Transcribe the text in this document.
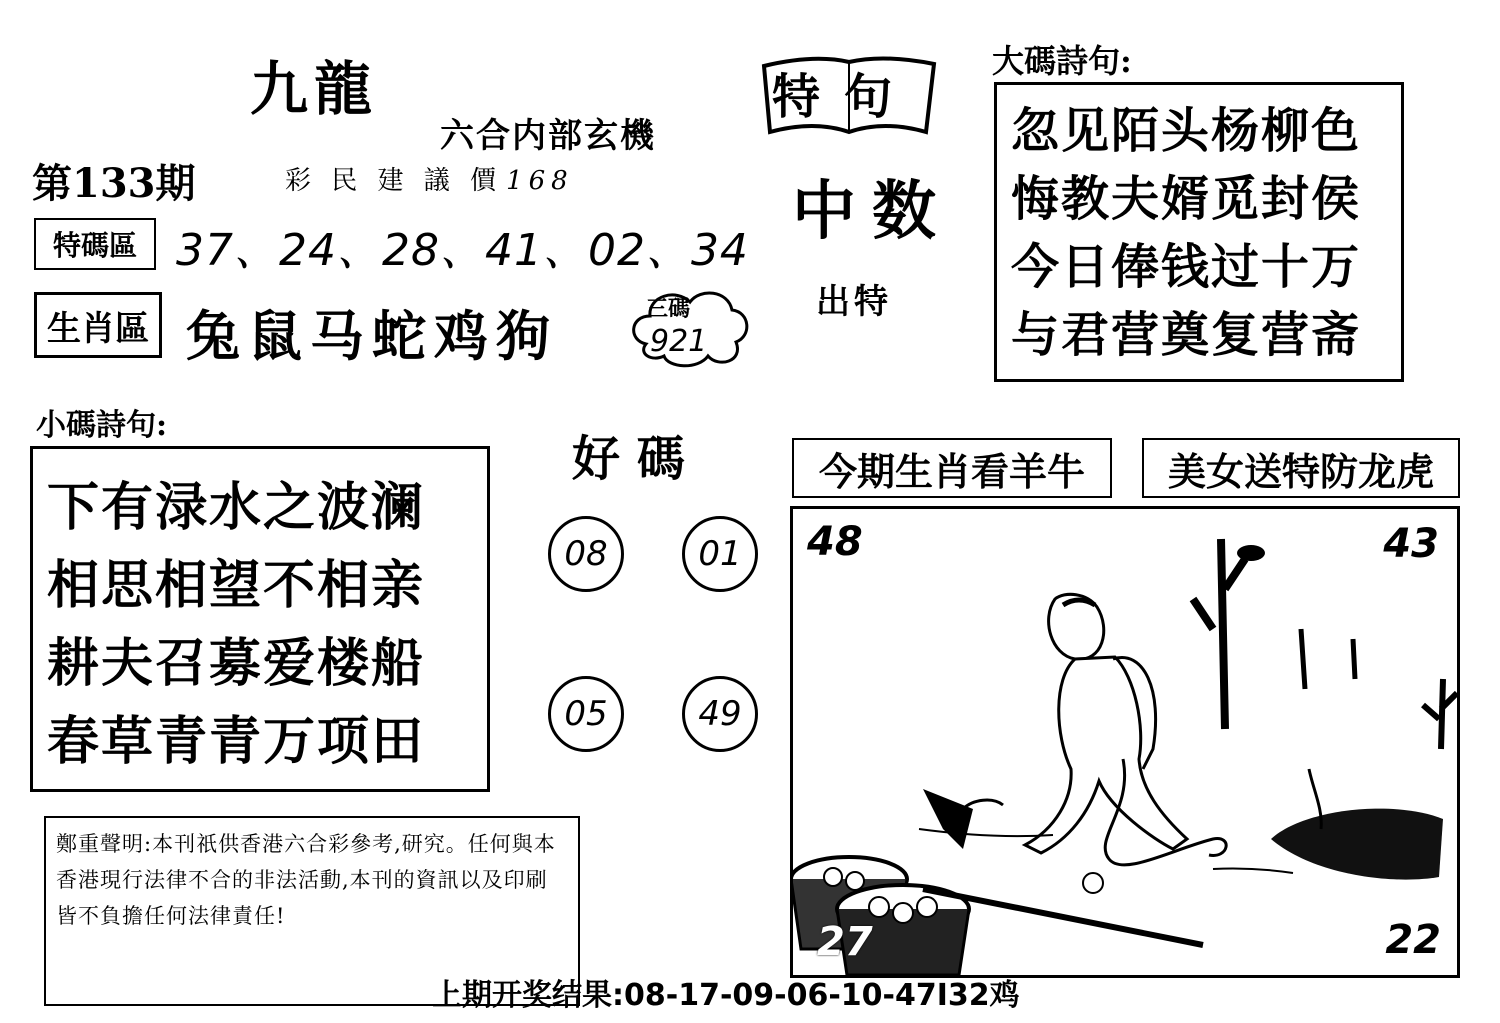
九龍
六合内部玄機
第133期	彩 民 建 議 價 168
特碼區 37、24、28、41、02、34
生肖區 兔鼠马蛇鸡狗	三碼
921
特句
中数
出特
大碼詩句:
忽见陌头杨柳色
悔教夫婿觅封侯
今日俸钱过十万
与君营奠复营斋
小碼詩句:
下有渌水之波澜
相思相望不相亲
耕夫召募爱楼船
春草青青万项田
好 碼
08	01
05	49
今期生肖看羊牛	美女送特防龙虎
48	43
27	22
鄭重聲明:本刊祇供香港六合彩參考,研究。任何與本香港現行法律不合的非法活動,本刊的資訊以及印刷皆不負擔任何法律責任!
上期开奖结果:08-17-09-06-10-47I32鸡
